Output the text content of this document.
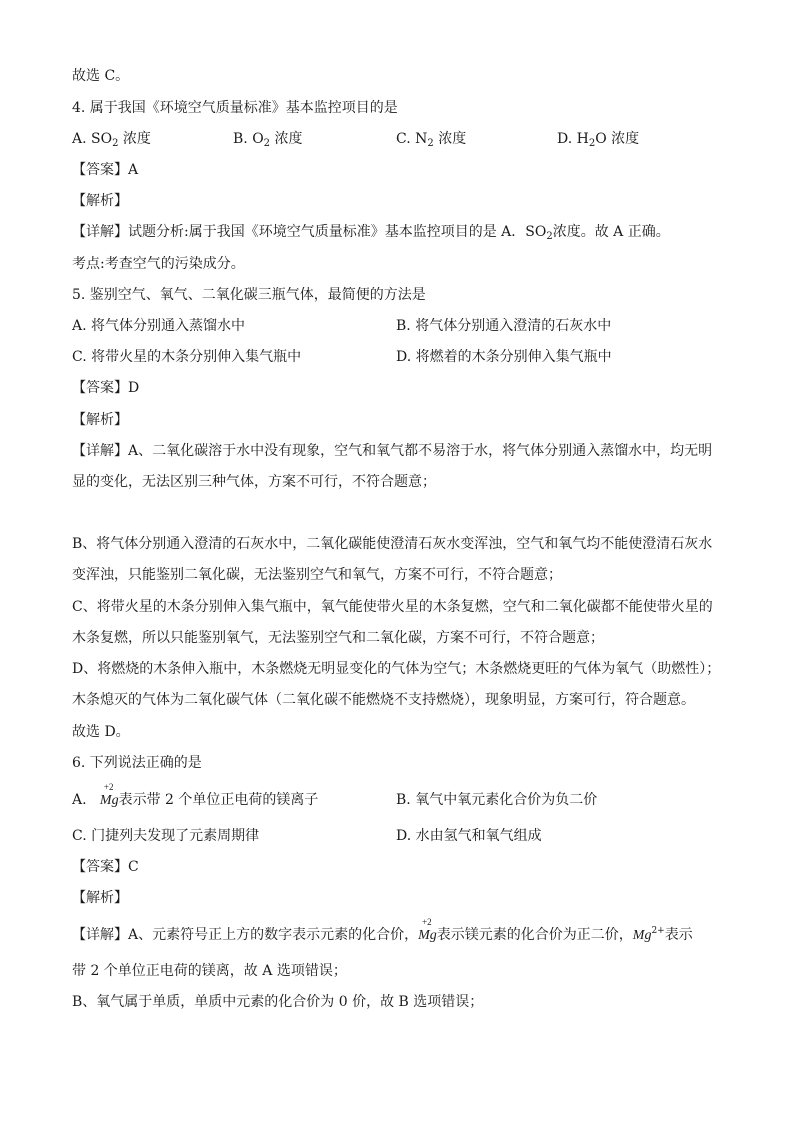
故选 C。
4. 属于我国《环境空气质量标准》基本监控项目的是
A. $SO_2$ 浓度	B. $O_2$ 浓度	C. $N_2$ 浓度	D. $H_2O$ 浓度
【答案】A
【解析】
【详解】试题分析:属于我国《环境空气质量标准》基本监控项目的是 A．$SO_2$浓度。故 A 正确。
考点:考查空气的污染成分。
5. 鉴别空气、氧气、二氧化碳三瓶气体，最简便的方法是
A. 将气体分别通入蒸馏水中	B. 将气体分别通入澄清的石灰水中
C. 将带火星的木条分别伸入集气瓶中	D. 将燃着的木条分别伸入集气瓶中
【答案】D
【解析】
【详解】A、二氧化碳溶于水中没有现象，空气和氧气都不易溶于水，将气体分别通入蒸馏水中，均无明
显的变化，无法区别三种气体，方案不可行，不符合题意；
B、将气体分别通入澄清的石灰水中，二氧化碳能使澄清石灰水变浑浊，空气和氧气均不能使澄清石灰水
变浑浊，只能鉴别二氧化碳，无法鉴别空气和氧气，方案不可行，不符合题意；
C、将带火星的木条分别伸入集气瓶中，氧气能使带火星的木条复燃，空气和二氧化碳都不能使带火星的
木条复燃，所以只能鉴别氧气，无法鉴别空气和二氧化碳，方案不可行，不符合题意；
D、将燃烧的木条伸入瓶中，木条燃烧无明显变化的气体为空气；木条燃烧更旺的气体为氧气（助燃性）；
木条熄灭的气体为二氧化碳气体（二氧化碳不能燃烧不支持燃烧），现象明显，方案可行，符合题意。
故选 D。
6. 下列说法正确的是
A.
+2
Mg表示带 2 个单位正电荷的镁离子	B. 氧气中氧元素化合价为负二价
C. 门捷列夫发现了元素周期律	D. 水由氢气和氧气组成
【答案】C
【解析】
【详解】A、元素符号正上方的数字表示元素的化合价，
+2
Mg表示镁元素的化合价为正二价，$Mg^{2+}$表示
带 2 个单位正电荷的镁离，故 A 选项错误；
B、氧气属于单质，单质中元素的化合价为 0 价，故 B 选项错误；
